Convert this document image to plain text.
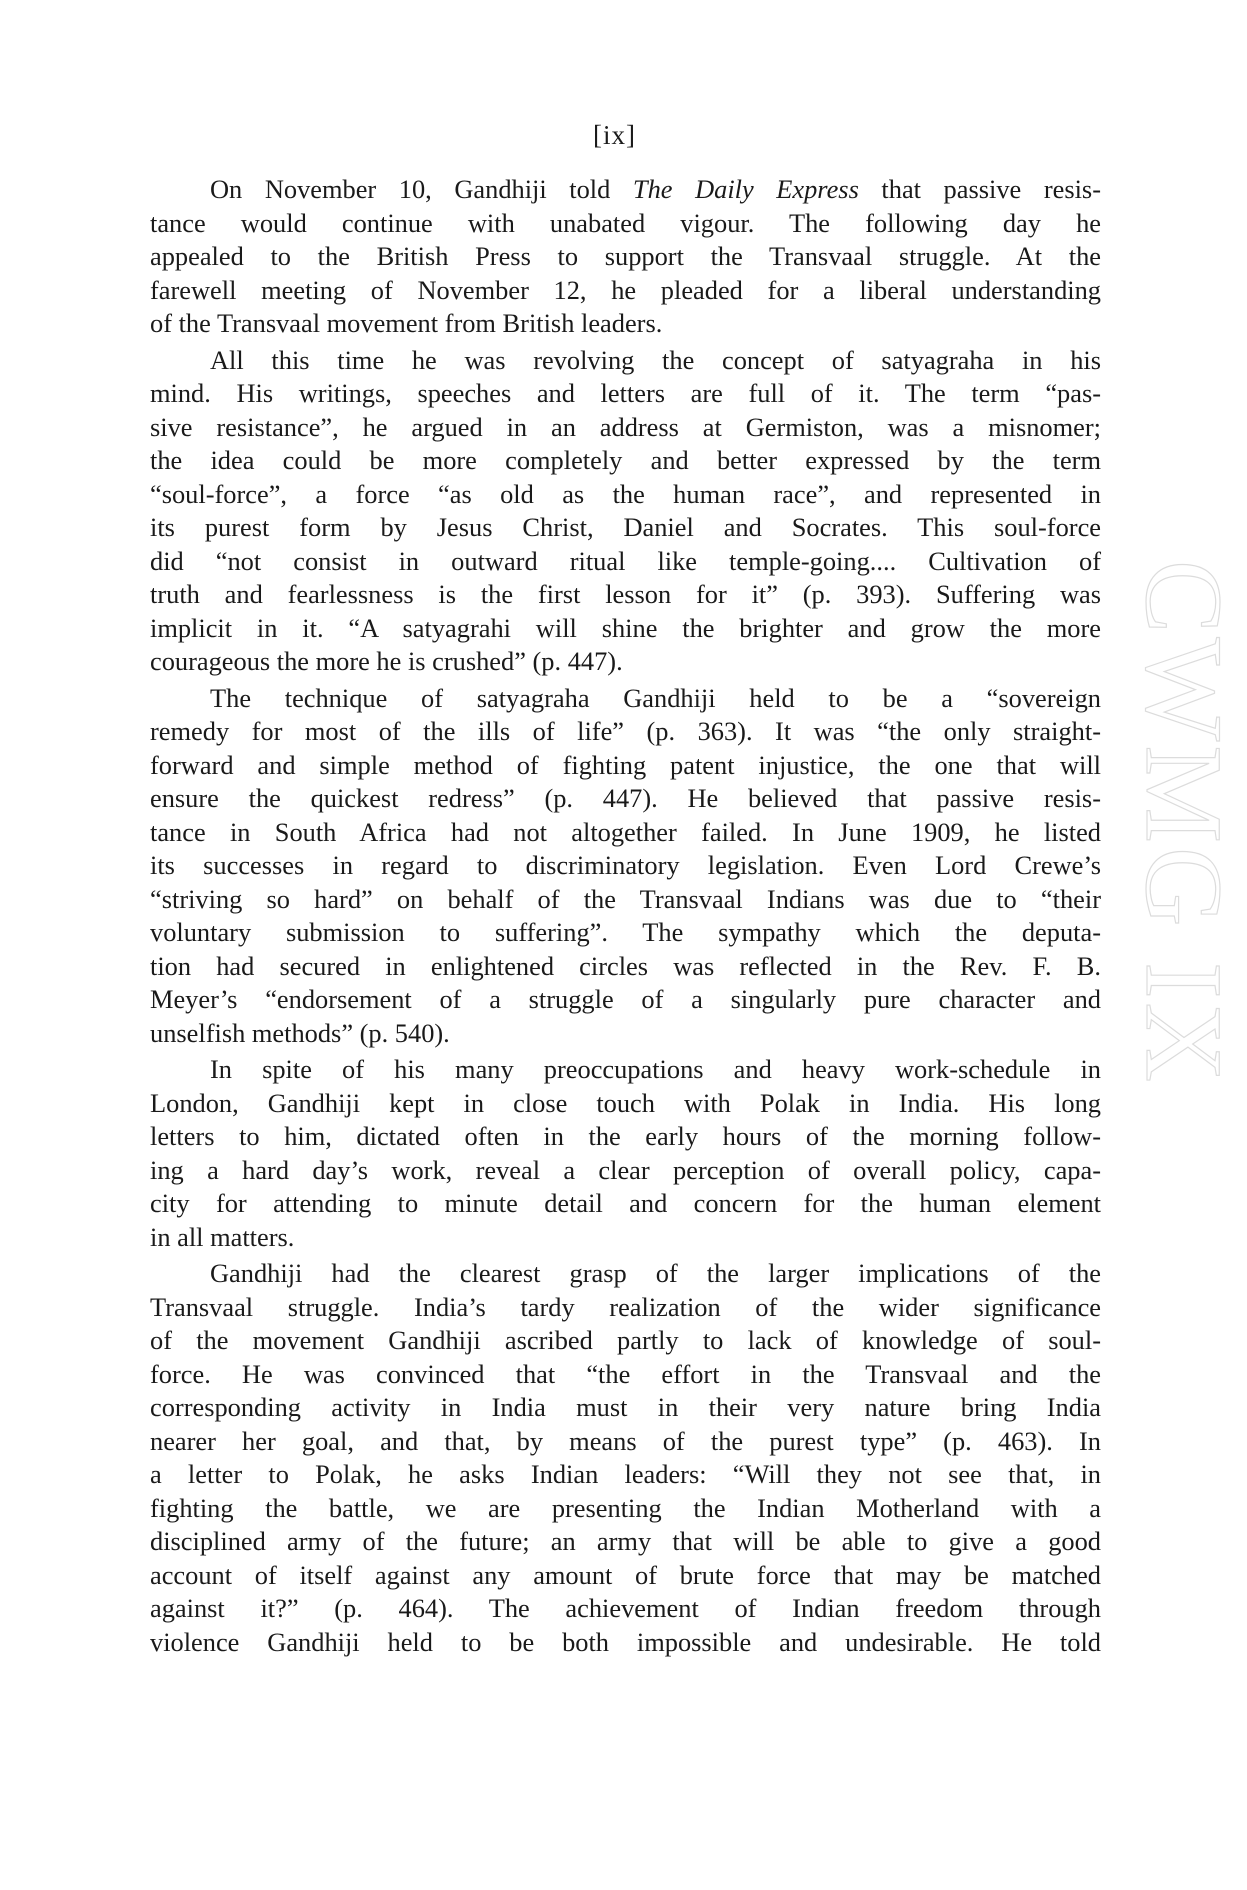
[ix]
CWMG IX

On November 10, Gandhiji told The Daily Express that passive resis-

tance would continue with unabated vigour. The following day he

appealed to the British Press to support the Transvaal struggle. At the

farewell meeting of November 12, he pleaded for a liberal understanding

of the Transvaal movement from British leaders.

All this time he was revolving the concept of satyagraha in his

mind. His writings, speeches and letters are full of it. The term “pas-

sive resistance”, he argued in an address at Germiston, was a misnomer;

the idea could be more completely and better expressed by the term

“soul-force”, a force “as old as the human race”, and represented in

its purest form by Jesus Christ, Daniel and Socrates. This soul-force

did “not consist in outward ritual like temple-going.... Cultivation of

truth and fearlessness is the first lesson for it” (p. 393). Suffering was

implicit in it. “A satyagrahi will shine the brighter and grow the more

courageous the more he is crushed” (p. 447).

The technique of satyagraha Gandhiji held to be a “sovereign

remedy for most of the ills of life” (p. 363). It was “the only straight-

forward and simple method of fighting patent injustice, the one that will

ensure the quickest redress” (p. 447). He believed that passive resis-

tance in South Africa had not altogether failed. In June 1909, he listed

its successes in regard to discriminatory legislation. Even Lord Crewe’s

“striving so hard” on behalf of the Transvaal Indians was due to “their

voluntary submission to suffering”. The sympathy which the deputa-

tion had secured in enlightened circles was reflected in the Rev. F. B.

Meyer’s “endorsement of a struggle of a singularly pure character and

unselfish methods” (p. 540).

In spite of his many preoccupations and heavy work-schedule in

London, Gandhiji kept in close touch with Polak in India. His long

letters to him, dictated often in the early hours of the morning follow-

ing a hard day’s work, reveal a clear perception of overall policy, capa-

city for attending to minute detail and concern for the human element

in all matters.

Gandhiji had the clearest grasp of the larger implications of the

Transvaal struggle. India’s tardy realization of the wider significance

of the movement Gandhiji ascribed partly to lack of knowledge of soul-

force. He was convinced that “the effort in the Transvaal and the

corresponding activity in India must in their very nature bring India

nearer her goal, and that, by means of the purest type” (p. 463). In

a letter to Polak, he asks Indian leaders: “Will they not see that, in

fighting the battle, we are presenting the Indian Motherland with a

disciplined army of the future; an army that will be able to give a good

account of itself against any amount of brute force that may be matched

against it?” (p. 464). The achievement of Indian freedom through

violence Gandhiji held to be both impossible and undesirable. He told
